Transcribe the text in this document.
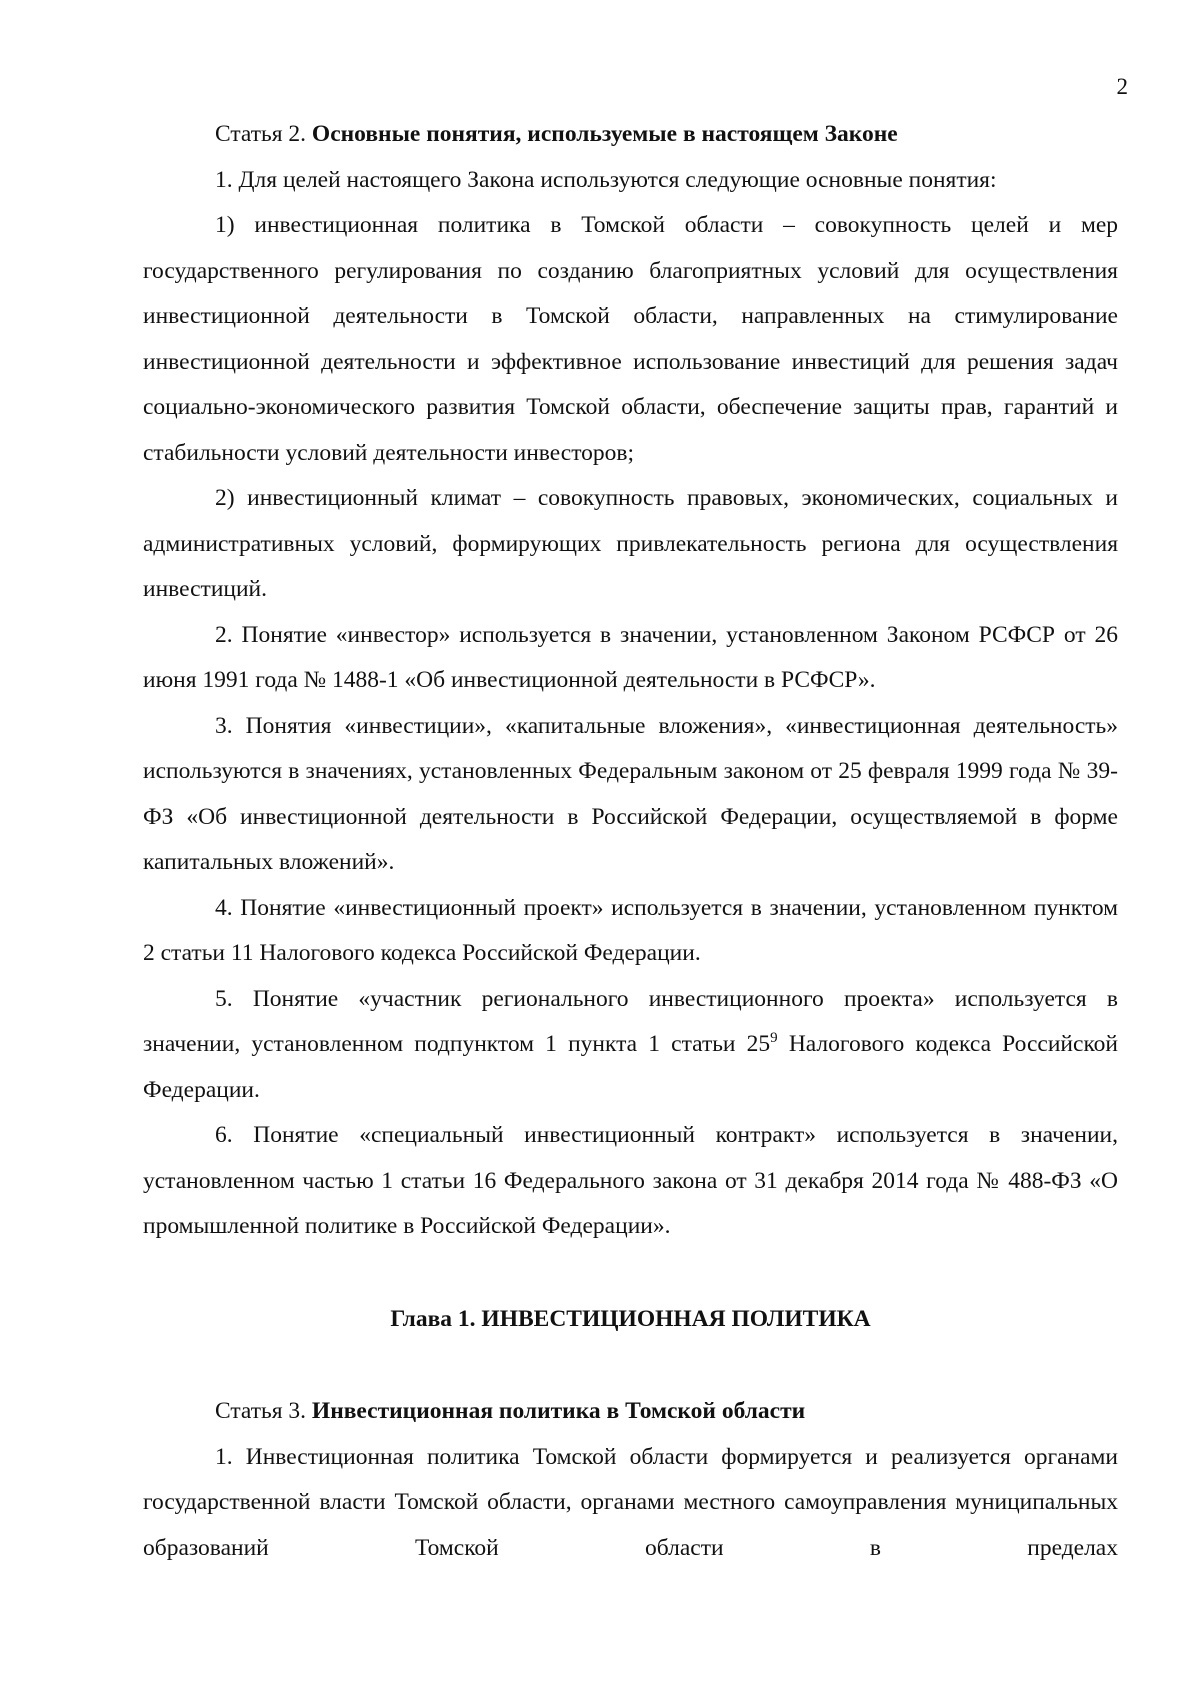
2

Статья 2. Основные понятия, используемые в настоящем Законе

1. Для целей настоящего Закона используются следующие основные понятия:

1) инвестиционная политика в Томской области – совокупность целей и мер государственного регулирования по созданию благоприятных условий для осуществления инвестиционной деятельности в Томской области, направленных на стимулирование инвестиционной деятельности и эффективное использование инвестиций для решения задач социально-экономического развития Томской области, обеспечение защиты прав, гарантий и стабильности условий деятельности инвесторов;

2) инвестиционный климат – совокупность правовых, экономических, социальных и административных условий, формирующих привлекательность региона для осуществления инвестиций.

2. Понятие «инвестор» используется в значении, установленном Законом РСФСР от 26 июня 1991 года № 1488-1 «Об инвестиционной деятельности в РСФСР».

3. Понятия «инвестиции», «капитальные вложения», «инвестиционная деятельность» используются в значениях, установленных Федеральным законом от 25 февраля 1999 года № 39-ФЗ «Об инвестиционной деятельности в Российской Федерации, осуществляемой в форме капитальных вложений».

4. Понятие «инвестиционный проект» используется в значении, установленном пунктом 2 статьи 11 Налогового кодекса Российской Федерации.

5. Понятие «участник регионального инвестиционного проекта» используется в значении, установленном подпунктом 1 пункта 1 статьи $25^9$ Налогового кодекса Российской Федерации.

6. Понятие «специальный инвестиционный контракт» используется в значении, установленном частью 1 статьи 16 Федерального закона от 31 декабря 2014 года № 488-ФЗ «О промышленной политике в Российской Федерации».

Глава 1. ИНВЕСТИЦИОННАЯ ПОЛИТИКА

Статья 3. Инвестиционная политика в Томской области

1. Инвестиционная политика Томской области формируется и реализуется органами государственной власти Томской области, органами местного самоуправления муниципальных образований Томской области в пределах
